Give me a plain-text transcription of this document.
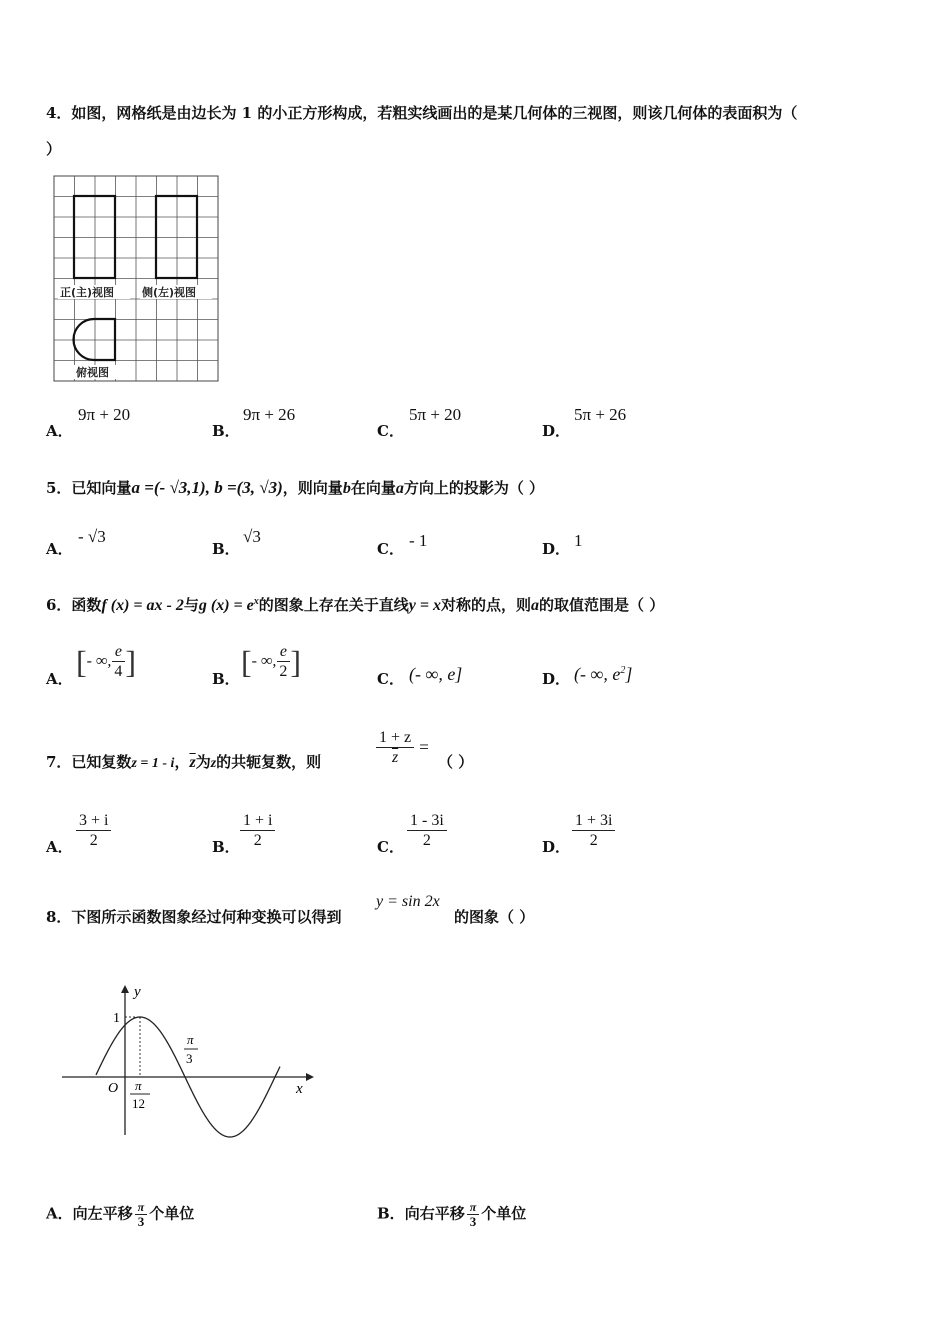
4．如图，网格纸是由边长为 1 的小正方形构成，若粗实线画出的是某几何体的三视图，则该几何体的表面积为（
）
正(主)视图	侧(左)视图
俯视图
A．
9π + 20
B．
9π + 26
C．
5π + 20
D．
5π + 26
5．已知向量a =(- √3,1), b =(3, √3)，则向量b在向量a方向上的投影为（ ）
A．
- √3
B．
√3
C． - 1	D． 1
6．函数f (x) = ax - 2与g $(x) = e^x$的图象上存在关于直线y = x对称的点，则a的取值范围是（ ）
A． [- ∞, $\frac{e}{4}$ ]	B． [- ∞, $\frac{e}{2}$ ]	C． (- ∞, e]	D． (- ∞, $e^2$]
7．已知复数z = 1 - i，$\overline{z}$为z的共轭复数，则	$\frac{1 + z}{z}$ =
（ ）
A． $\frac{3 + i}{2}$	B． $\frac{1 + i}{2}$	C． $\frac{1 - 3i}{2}$	D． $\frac{1 + 3i}{2}$
8．下图所示函数图象经过何种变换可以得到
y = sin 2x
的图象（ ）
y
x
O
1
π
3
π
12
A．向左平移 $\frac{\pi}{3}$ 个单位	B．向右平移 $\frac{\pi}{3}$ 个单位
